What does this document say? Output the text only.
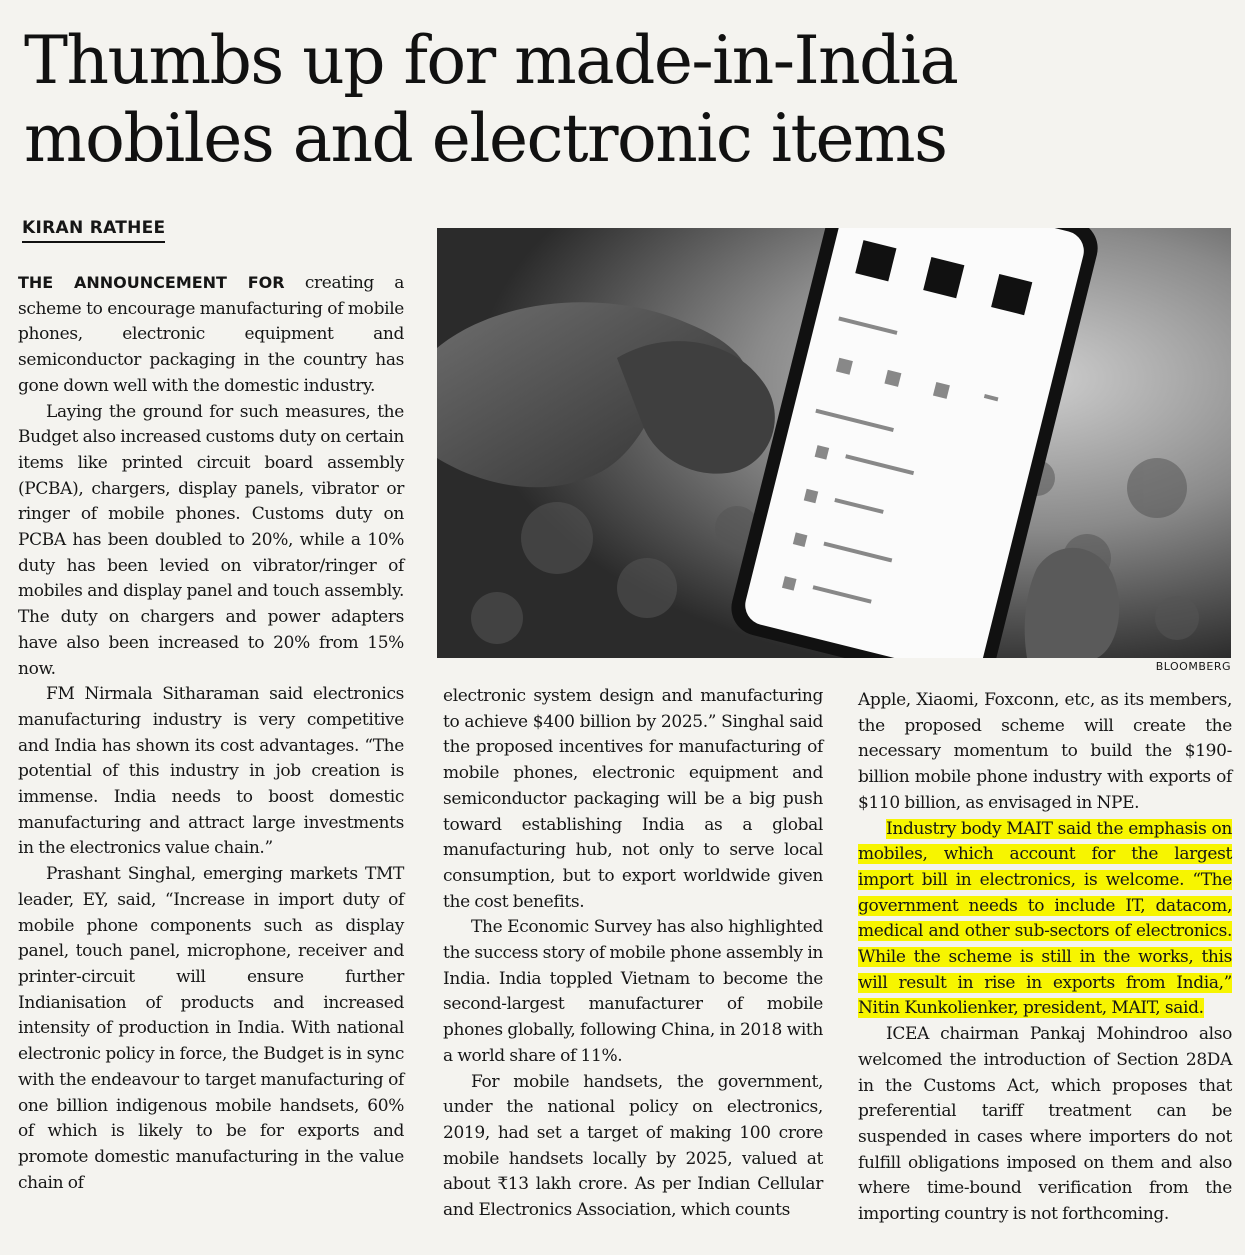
Thumbs up for made-in-India mobiles and electronic items
KIRAN RATHEE
BLOOMBERG

THE ANNOUNCEMENT FOR creating a scheme to encourage manufacturing of mobile phones, electronic equipment and semiconductor packaging in the country has gone down well with the domestic industry.

Laying the ground for such measures, the Budget also increased customs duty on certain items like printed circuit board assembly (PCBA), chargers, display panels, vibrator or ringer of mobile phones. Customs duty on PCBA has been doubled to 20%, while a 10% duty has been levied on vibrator/ringer of mobiles and display panel and touch assembly. The duty on chargers and power adapters have also been increased to 20% from 15% now.

FM Nirmala Sitharaman said electronics manufacturing industry is very competitive and India has shown its cost advantages. “The potential of this industry in job creation is immense. India needs to boost domestic manufacturing and attract large investments in the electronics value chain.”

Prashant Singhal, emerging markets TMT leader, EY, said, “Increase in import duty of mobile phone components such as display panel, touch panel, microphone, receiver and printer-circuit will ensure further Indianisation of products and increased intensity of production in India. With national electronic policy in force, the Budget is in sync with the endeavour to target manufacturing of one billion indigenous mobile handsets, 60% of which is likely to be for exports and promote domestic manufacturing in the value chain of

electronic system design and manufacturing to achieve $400 billion by 2025.” Singhal said the proposed incentives for manufacturing of mobile phones, electronic equipment and semiconductor packaging will be a big push toward establishing India as a global manufacturing hub, not only to serve local consumption, but to export worldwide given the cost benefits.

The Economic Survey has also highlighted the success story of mobile phone assembly in India. India toppled Vietnam to become the second-largest manufacturer of mobile phones globally, following China, in 2018 with a world share of 11%.

For mobile handsets, the government, under the national policy on electronics, 2019, had set a target of making 100 crore mobile handsets locally by 2025, valued at about ₹13 lakh crore. As per Indian Cellular and Electronics Association, which counts

Apple, Xiaomi, Foxconn, etc, as its members, the proposed scheme will create the necessary momentum to build the $190-billion mobile phone industry with exports of $110 billion, as envisaged in NPE.

Industry body MAIT said the emphasis on mobiles, which account for the largest import bill in electronics, is welcome. “The government needs to include IT, datacom, medical and other sub-sectors of electronics. While the scheme is still in the works, this will result in rise in exports from India,” Nitin Kunkolienker, president, MAIT, said.

ICEA chairman Pankaj Mohindroo also welcomed the introduction of Section 28DA in the Customs Act, which proposes that preferential tariff treatment can be suspended in cases where importers do not fulfill obligations imposed on them and also where time-bound verification from the importing country is not forthcoming.
